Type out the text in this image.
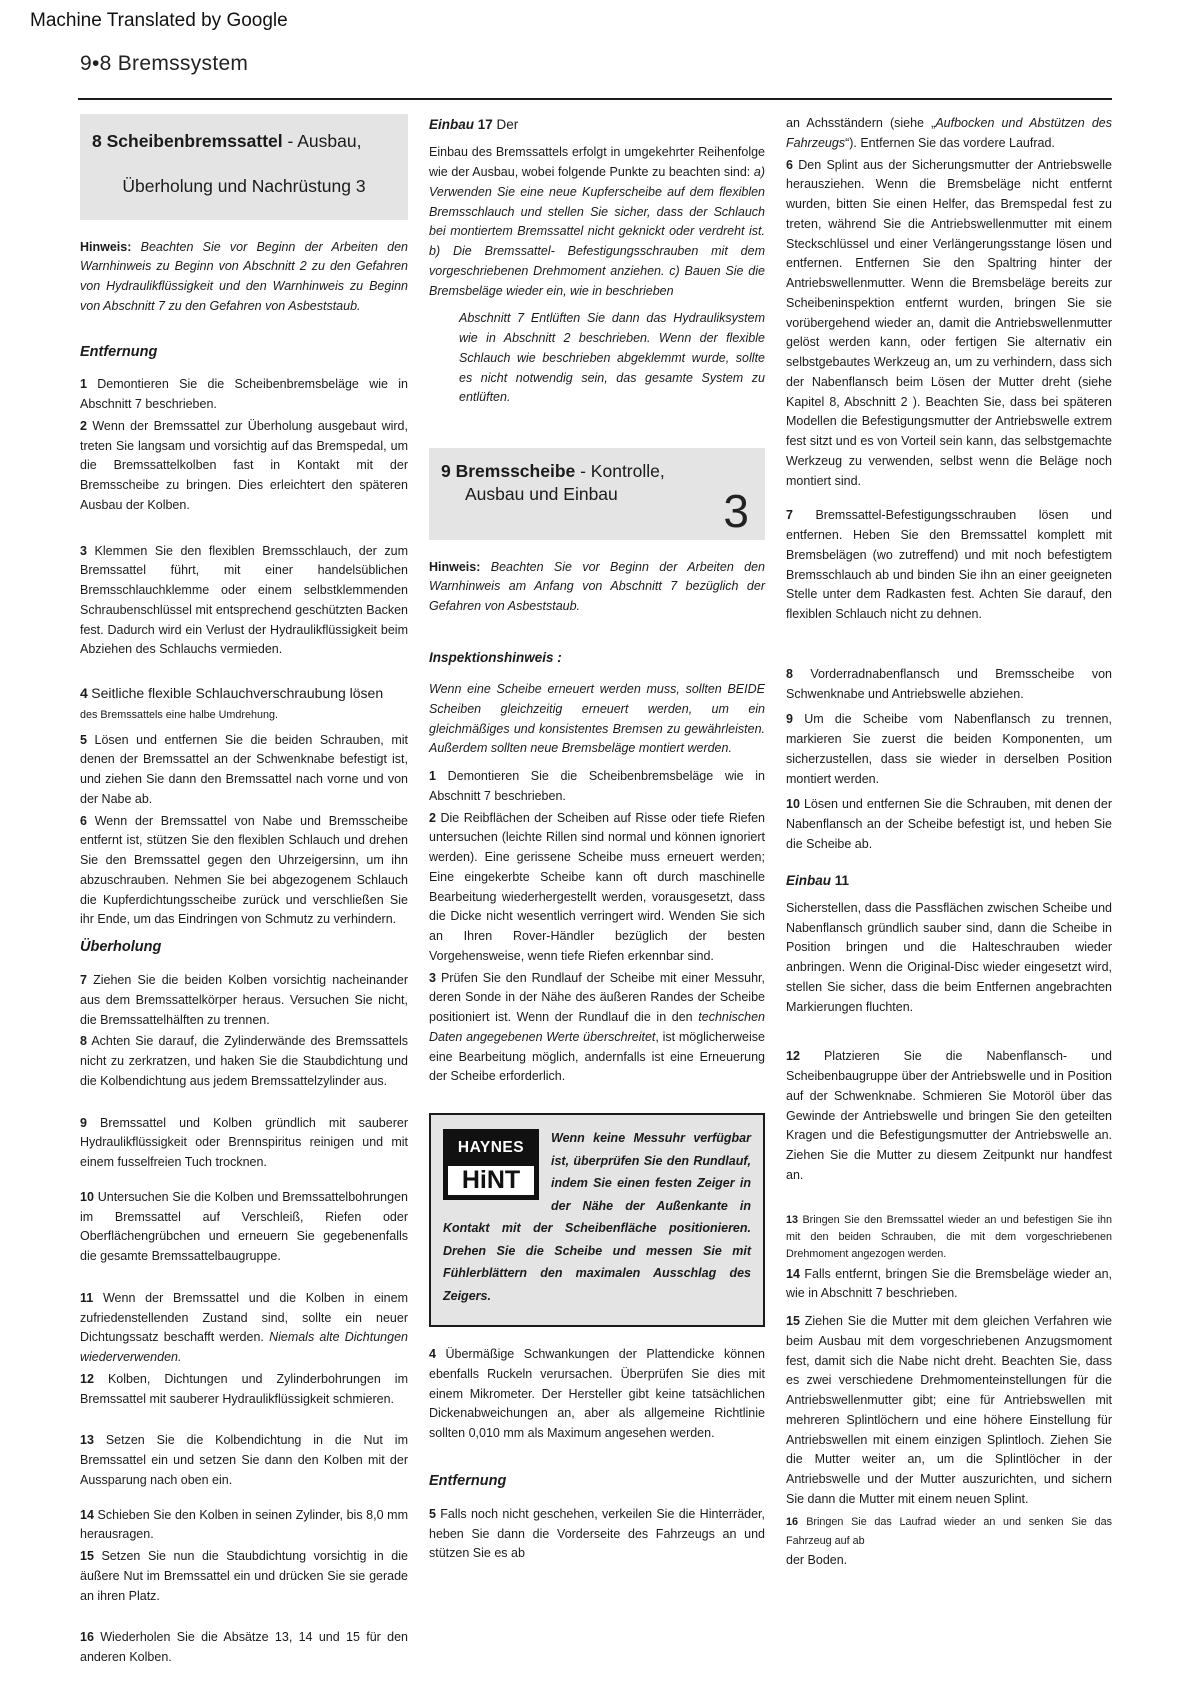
Machine Translated by Google
9•8 Bremssystem
8 Scheibenbremssattel - Ausbau,
Überholung und Nachrüstung 3

Hinweis: Beachten Sie vor Beginn der Arbeiten den Warnhinweis zu Beginn von Abschnitt 2 zu den Gefahren von Hydraulikflüssigkeit und den Warnhinweis zu Beginn von Abschnitt 7 zu den Gefahren von Asbeststaub.

Entfernung

1 Demontieren Sie die Scheibenbremsbeläge wie in Abschnitt 7 beschrieben.

2 Wenn der Bremssattel zur Überholung ausgebaut wird, treten Sie langsam und vorsichtig auf das Bremspedal, um die Bremssattelkolben fast in Kontakt mit der Bremsscheibe zu bringen. Dies erleichtert den späteren Ausbau der Kolben.

3 Klemmen Sie den flexiblen Bremsschlauch, der zum Bremssattel führt, mit einer handelsüblichen Bremsschlauchklemme oder einem selbstklemmenden Schraubenschlüssel mit entsprechend geschützten Backen fest. Dadurch wird ein Verlust der Hydraulikflüssigkeit beim Abziehen des Schlauchs vermieden.

4 Seitliche flexible Schlauchverschraubung lösen
des Bremssattels eine halbe Umdrehung.

5 Lösen und entfernen Sie die beiden Schrauben, mit denen der Bremssattel an der Schwenknabe befestigt ist, und ziehen Sie dann den Bremssattel nach vorne und von der Nabe ab.

6 Wenn der Bremssattel von Nabe und Bremsscheibe entfernt ist, stützen Sie den flexiblen Schlauch und drehen Sie den Bremssattel gegen den Uhrzeigersinn, um ihn abzuschrauben. Nehmen Sie bei abgezogenem Schlauch die Kupferdichtungsscheibe zurück und verschließen Sie ihr Ende, um das Eindringen von Schmutz zu verhindern.

Überholung

7 Ziehen Sie die beiden Kolben vorsichtig nacheinander aus dem Bremssattelkörper heraus. Versuchen Sie nicht, die Bremssattelhälften zu trennen.

8 Achten Sie darauf, die Zylinderwände des Bremssattels nicht zu zerkratzen, und haken Sie die Staubdichtung und die Kolbendichtung aus jedem Bremssattelzylinder aus.

9 Bremssattel und Kolben gründlich mit sauberer Hydraulikflüssigkeit oder Brennspiritus reinigen und mit einem fusselfreien Tuch trocknen.

10 Untersuchen Sie die Kolben und Bremssattelbohrungen im Bremssattel auf Verschleiß, Riefen oder Oberflächengrübchen und erneuern Sie gegebenenfalls die gesamte Bremssattelbaugruppe.

11 Wenn der Bremssattel und die Kolben in einem zufriedenstellenden Zustand sind, sollte ein neuer Dichtungssatz beschafft werden. Niemals alte Dichtungen wiederverwenden.

12 Kolben, Dichtungen und Zylinderbohrungen im Bremssattel mit sauberer Hydraulikflüssigkeit schmieren.

13 Setzen Sie die Kolbendichtung in die Nut im Bremssattel ein und setzen Sie dann den Kolben mit der Aussparung nach oben ein.

14 Schieben Sie den Kolben in seinen Zylinder, bis 8,0 mm herausragen.

15 Setzen Sie nun die Staubdichtung vorsichtig in die äußere Nut im Bremssattel ein und drücken Sie sie gerade an ihren Platz.

16 Wiederholen Sie die Absätze 13, 14 und 15 für den anderen Kolben.

Einbau 17 Der

Einbau des Bremssattels erfolgt in umgekehrter Reihenfolge wie der Ausbau, wobei folgende Punkte zu beachten sind: a) Verwenden Sie eine neue Kupferscheibe auf dem flexiblen Bremsschlauch und stellen Sie sicher, dass der Schlauch bei montiertem Bremssattel nicht geknickt oder verdreht ist. b) Die Bremssattel- Befestigungsschrauben mit dem vorgeschriebenen Drehmoment anziehen. c) Bauen Sie die Bremsbeläge wieder ein, wie in beschrieben

Abschnitt 7 Entlüften Sie dann das Hydrauliksystem wie in Abschnitt 2 beschrieben. Wenn der flexible Schlauch wie beschrieben abgeklemmt wurde, sollte es nicht notwendig sein, das gesamte System zu entlüften.

9 Bremsscheibe - Kontrolle,
Ausbau und Einbau	3

Hinweis: Beachten Sie vor Beginn der Arbeiten den Warnhinweis am Anfang von Abschnitt 7 bezüglich der Gefahren von Asbeststaub.

Inspektionshinweis :

Wenn eine Scheibe erneuert werden muss, sollten BEIDE Scheiben gleichzeitig erneuert werden, um ein gleichmäßiges und konsistentes Bremsen zu gewährleisten. Außerdem sollten neue Bremsbeläge montiert werden.

1 Demontieren Sie die Scheibenbremsbeläge wie in Abschnitt 7 beschrieben.

2 Die Reibflächen der Scheiben auf Risse oder tiefe Riefen untersuchen (leichte Rillen sind normal und können ignoriert werden). Eine gerissene Scheibe muss erneuert werden; Eine eingekerbte Scheibe kann oft durch maschinelle Bearbeitung wiederhergestellt werden, vorausgesetzt, dass die Dicke nicht wesentlich verringert wird. Wenden Sie sich an Ihren Rover-Händler bezüglich der besten Vorgehensweise, wenn tiefe Riefen erkennbar sind.

3 Prüfen Sie den Rundlauf der Scheibe mit einer Messuhr, deren Sonde in der Nähe des äußeren Randes der Scheibe positioniert ist. Wenn der Rundlauf die in den technischen Daten angegebenen Werte überschreitet, ist möglicherweise eine Bearbeitung möglich, andernfalls ist eine Erneuerung der Scheibe erforderlich.

HAYNES
HiNT
Wenn keine Messuhr verfügbar ist, überprüfen Sie den Rundlauf, indem Sie einen festen Zeiger in der Nähe der Außenkante in Kontakt mit der Scheibenfläche positionieren. Drehen Sie die Scheibe und messen Sie mit Fühlerblättern den maximalen Ausschlag des Zeigers.

4 Übermäßige Schwankungen der Plattendicke können ebenfalls Ruckeln verursachen. Überprüfen Sie dies mit einem Mikrometer. Der Hersteller gibt keine tatsächlichen Dickenabweichungen an, aber als allgemeine Richtlinie sollten 0,010 mm als Maximum angesehen werden.

Entfernung

5 Falls noch nicht geschehen, verkeilen Sie die Hinterräder, heben Sie dann die Vorderseite des Fahrzeugs an und stützen Sie es ab

an Achsständern (siehe „Aufbocken und Abstützen des Fahrzeugs“). Entfernen Sie das vordere Laufrad.

6 Den Splint aus der Sicherungsmutter der Antriebswelle herausziehen. Wenn die Bremsbeläge nicht entfernt wurden, bitten Sie einen Helfer, das Bremspedal fest zu treten, während Sie die Antriebswellenmutter mit einem Steckschlüssel und einer Verlängerungsstange lösen und entfernen. Entfernen Sie den Spaltring hinter der Antriebswellenmutter. Wenn die Bremsbeläge bereits zur Scheibeninspektion entfernt wurden, bringen Sie sie vorübergehend wieder an, damit die Antriebswellenmutter gelöst werden kann, oder fertigen Sie alternativ ein selbstgebautes Werkzeug an, um zu verhindern, dass sich der Nabenflansch beim Lösen der Mutter dreht (siehe Kapitel 8, Abschnitt 2 ). Beachten Sie, dass bei späteren Modellen die Befestigungsmutter der Antriebswelle extrem fest sitzt und es von Vorteil sein kann, das selbstgemachte Werkzeug zu verwenden, selbst wenn die Beläge noch montiert sind.

7 Bremssattel-Befestigungsschrauben lösen und entfernen. Heben Sie den Bremssattel komplett mit Bremsbelägen (wo zutreffend) und mit noch befestigtem Bremsschlauch ab und binden Sie ihn an einer geeigneten Stelle unter dem Radkasten fest. Achten Sie darauf, den flexiblen Schlauch nicht zu dehnen.

8 Vorderradnabenflansch und Bremsscheibe von Schwenknabe und Antriebswelle abziehen.

9 Um die Scheibe vom Nabenflansch zu trennen, markieren Sie zuerst die beiden Komponenten, um sicherzustellen, dass sie wieder in derselben Position montiert werden.

10 Lösen und entfernen Sie die Schrauben, mit denen der Nabenflansch an der Scheibe befestigt ist, und heben Sie die Scheibe ab.

Einbau 11

Sicherstellen, dass die Passflächen zwischen Scheibe und Nabenflansch gründlich sauber sind, dann die Scheibe in Position bringen und die Halteschrauben wieder anbringen. Wenn die Original-Disc wieder eingesetzt wird, stellen Sie sicher, dass die beim Entfernen angebrachten Markierungen fluchten.

12 Platzieren Sie die Nabenflansch- und Scheibenbaugruppe über der Antriebswelle und in Position auf der Schwenknabe. Schmieren Sie Motoröl über das Gewinde der Antriebswelle und bringen Sie den geteilten Kragen und die Befestigungsmutter der Antriebswelle an. Ziehen Sie die Mutter zu diesem Zeitpunkt nur handfest an.

13 Bringen Sie den Bremssattel wieder an und befestigen Sie ihn mit den beiden Schrauben, die mit dem vorgeschriebenen Drehmoment angezogen werden.

14 Falls entfernt, bringen Sie die Bremsbeläge wieder an, wie in Abschnitt 7 beschrieben.

15 Ziehen Sie die Mutter mit dem gleichen Verfahren wie beim Ausbau mit dem vorgeschriebenen Anzugsmoment fest, damit sich die Nabe nicht dreht. Beachten Sie, dass es zwei verschiedene Drehmomenteinstellungen für die Antriebswellenmutter gibt; eine für Antriebswellen mit mehreren Splintlöchern und eine höhere Einstellung für Antriebswellen mit einem einzigen Splintloch. Ziehen Sie die Mutter weiter an, um die Splintlöcher in der Antriebswelle und der Mutter auszurichten, und sichern Sie dann die Mutter mit einem neuen Splint.

16 Bringen Sie das Laufrad wieder an und senken Sie das Fahrzeug auf ab
der Boden.
